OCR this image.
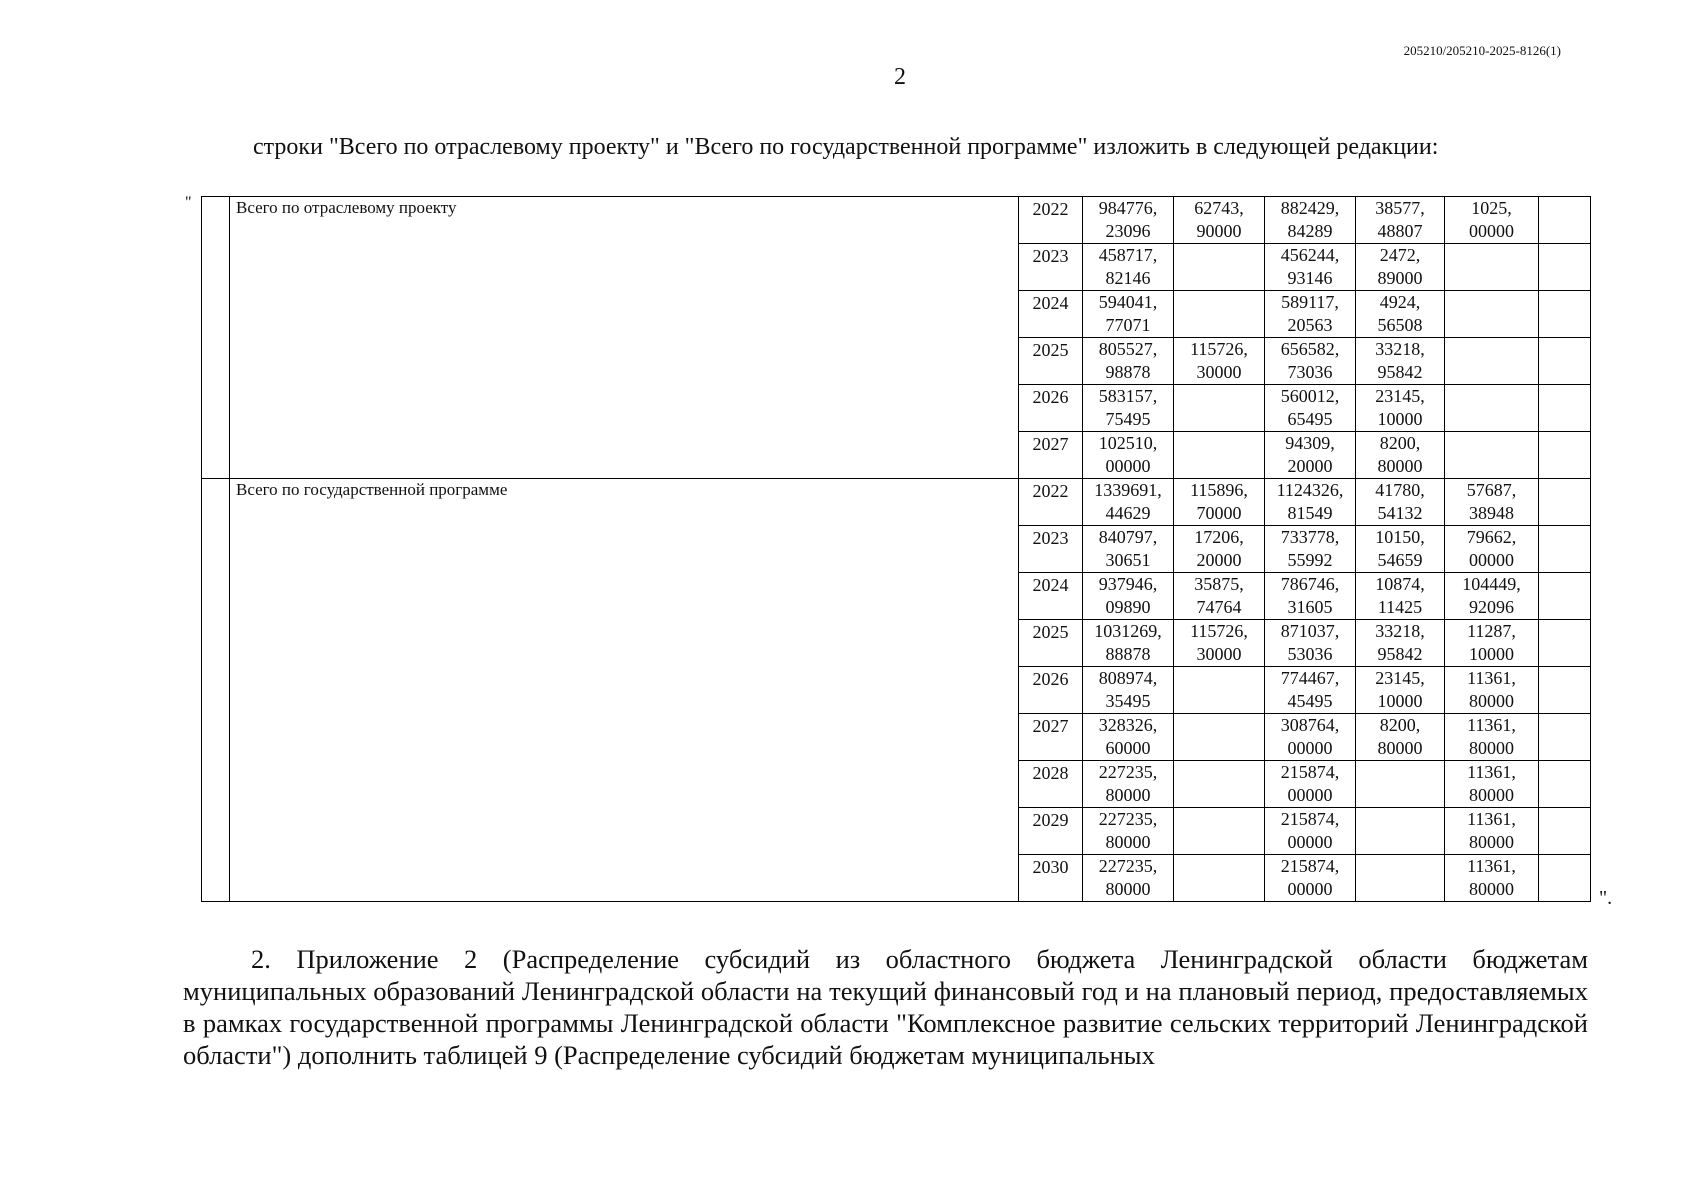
205210/205210-2025-8126(1)
2
строки "Всего по отраслевому проекту" и "Всего по государственной программе" изложить в следующей редакции:
"
		Всего по отраслевому проекту	2022	984776,
23096	62743,
90000	882429,
84289	38577,
48807	1025,
00000	

		2023	458717,
82146		456244,
93146	2472,
89000		

		2024	594041,
77071		589117,
20563	4924,
56508		

		2025	805527,
98878	115726,
30000	656582,
73036	33218,
95842		

		2026	583157,
75495		560012,
65495	23145,
10000		

		2027	102510,
00000		94309,
20000	8200,
80000		

	Всего по государственной программе	2022	1339691,
44629	115896,
70000	1124326,
81549	41780,
54132	57687,
38948	

		2023	840797,
30651	17206,
20000	733778,
55992	10150,
54659	79662,
00000	

		2024	937946,
09890	35875,
74764	786746,
31605	10874,
11425	104449,
92096	

		2025	1031269,
88878	115726,
30000	871037,
53036	33218,
95842	11287,
10000	

		2026	808974,
35495		774467,
45495	23145,
10000	11361,
80000	

		2027	328326,
60000		308764,
00000	8200,
80000	11361,
80000	

		2028	227235,
80000		215874,
00000		11361,
80000	

		2029	227235,
80000		215874,
00000		11361,
80000	

		2030	227235,
80000		215874,
00000		11361,
80000	
		".
2. Приложение 2 (Распределение субсидий из областного бюджета Ленинградской области бюджетам муниципальных образований Ленинградской области на текущий финансовый год и на плановый период, предоставляемых в рамках государственной программы Ленинградской области "Комплексное развитие сельских территорий Ленинградской области") дополнить таблицей 9 (Распределение субсидий бюджетам муниципальных
